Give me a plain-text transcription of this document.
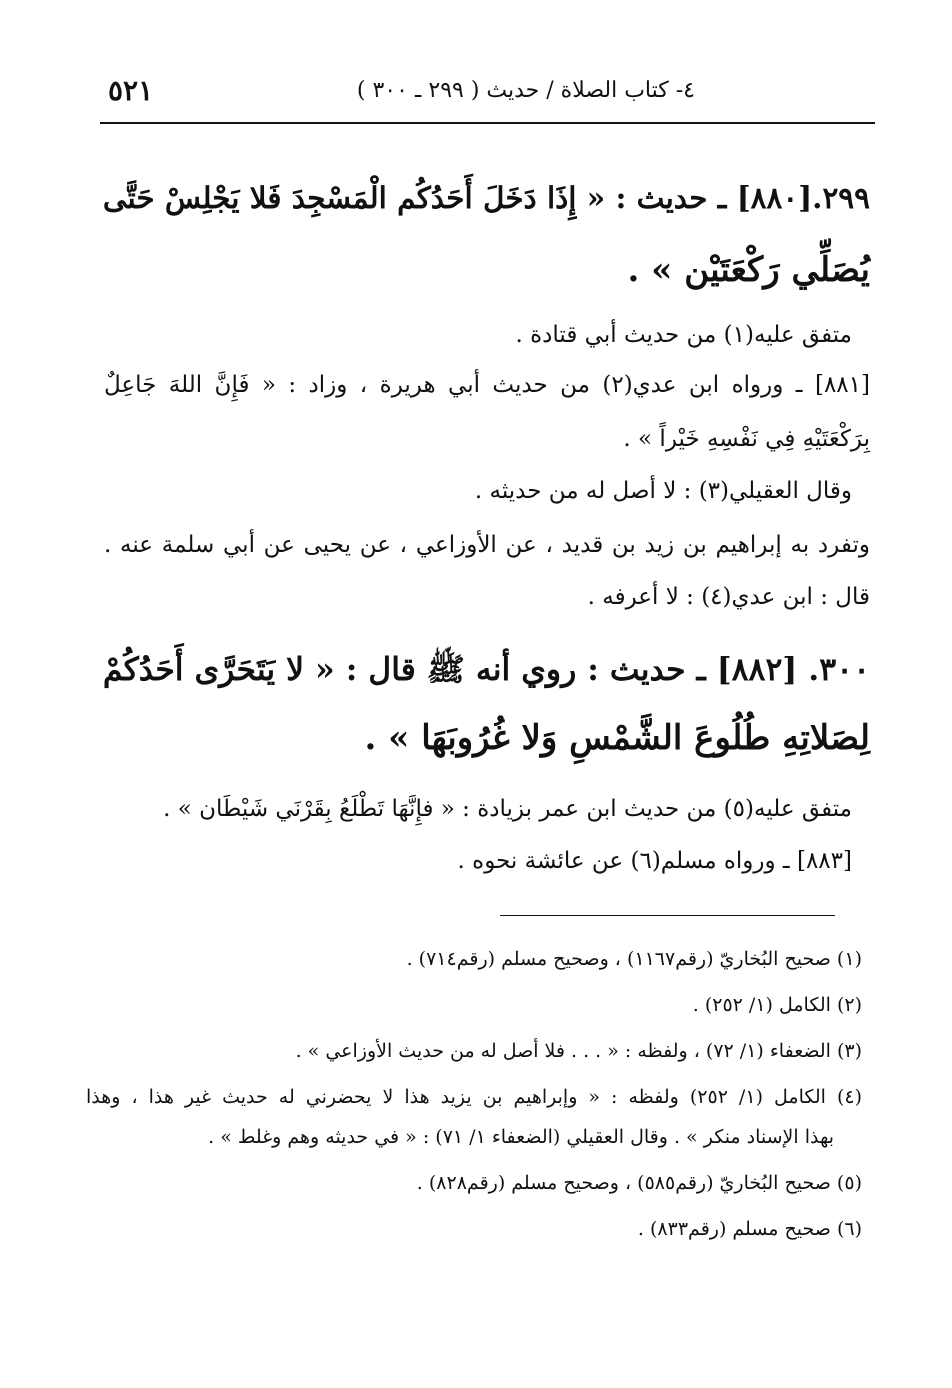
٥٢١	٤- كتاب الصلاة / حديث ( ٢٩٩ ـ ٣٠٠ )
٢٩٩.[٨٨٠] ـ حديث : « إِذَا دَخَلَ أَحَدُكُم الْمَسْجِدَ فَلا يَجْلِسْ حَتَّى
يُصَلِّي رَكْعَتَيْن » .
متفق عليه(١) من حديث أبي قتادة .
[٨٨١] ـ ورواه ابن عدي(٢) من حديث أبي هريرة ، وزاد : « فَإِنَّ اللهَ جَاعِلٌ
بِرَكْعَتَيْهِ فِي نَفْسِهِ خَيْراً » .
وقال العقيلي(٣) : لا أصل له من حديثه .
وتفرد به إبراهيم بن زيد بن قديد ، عن الأوزاعي ، عن يحيى عن أبي سلمة عنه .
قال : ابن عدي(٤) : لا أعرفه .
٣٠٠. [٨٨٢] ـ حديث : روي أنه ﷺ قال : « لا يَتَحَرَّى أَحَدُكُمْ
لِصَلاتِهِ طُلُوعَ الشَّمْسِ وَلا غُرُوبَهَا » .
متفق عليه(٥) من حديث ابن عمر بزيادة : « فإِنَّهَا تَطْلَعُ بِقَرْنَي شَيْطَان » .
[٨٨٣] ـ ورواه مسلم(٦) عن عائشة نحوه .
(١) صحيح البُخاريّ (رقم١١٦٧) ، وصحيح مسلم (رقم٧١٤) .
(٢) الكامل (١/ ٢٥٢) .
(٣) الضعفاء (١/ ٧٢) ، ولفظه : « . . . فلا أصل له من حديث الأوزاعي » .
(٤) الكامل (١/ ٢٥٢) ولفظه : « وإبراهيم بن يزيد هذا لا يحضرني له حديث غير هذا ، وهذا
بهذا الإسناد منكر » . وقال العقيلي (الضعفاء ١/ ٧١) : « في حديثه وهم وغلط » .
(٥) صحيح البُخاريّ (رقم٥٨٥) ، وصحيح مسلم (رقم٨٢٨) .
(٦) صحيح مسلم (رقم٨٣٣) .
